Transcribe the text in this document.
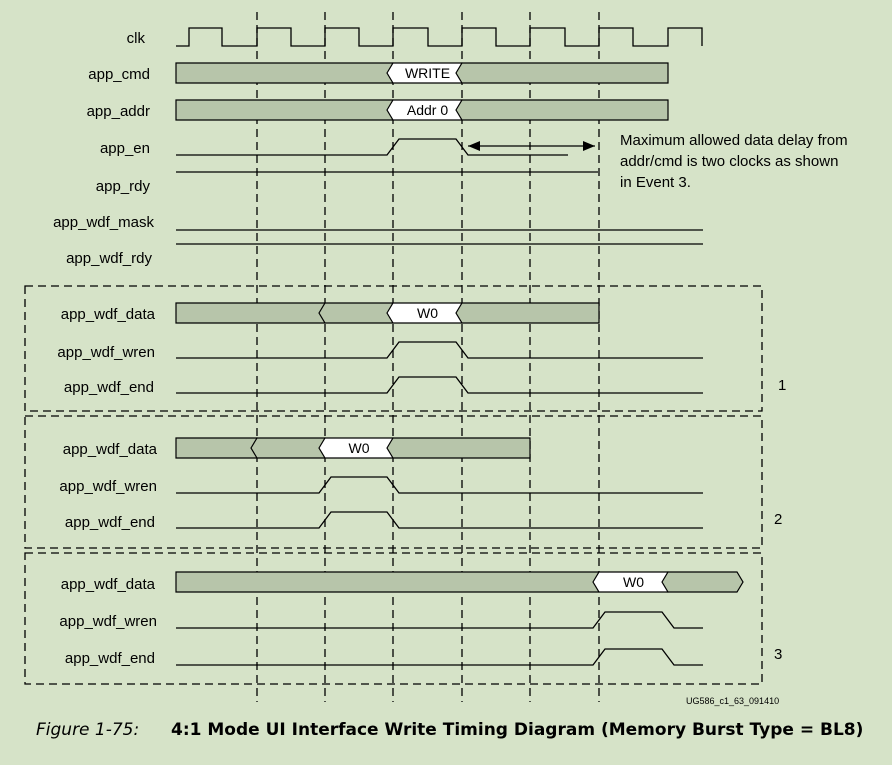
WRITE
Addr 0
W0
W0
W0
clk
app_cmd
app_addr
app_en
app_rdy
app_wdf_mask
app_wdf_rdy
app_wdf_data
app_wdf_wren
app_wdf_end
app_wdf_data
app_wdf_wren
app_wdf_end
app_wdf_data
app_wdf_wren
app_wdf_end
Maximum allowed data delay from
addr/cmd is two clocks as shown
in Event 3.
1
2
3
UG586_c1_63_091410
Figure 1-75: 4:1 Mode UI Interface Write Timing Diagram (Memory Burst Type = BL8)
